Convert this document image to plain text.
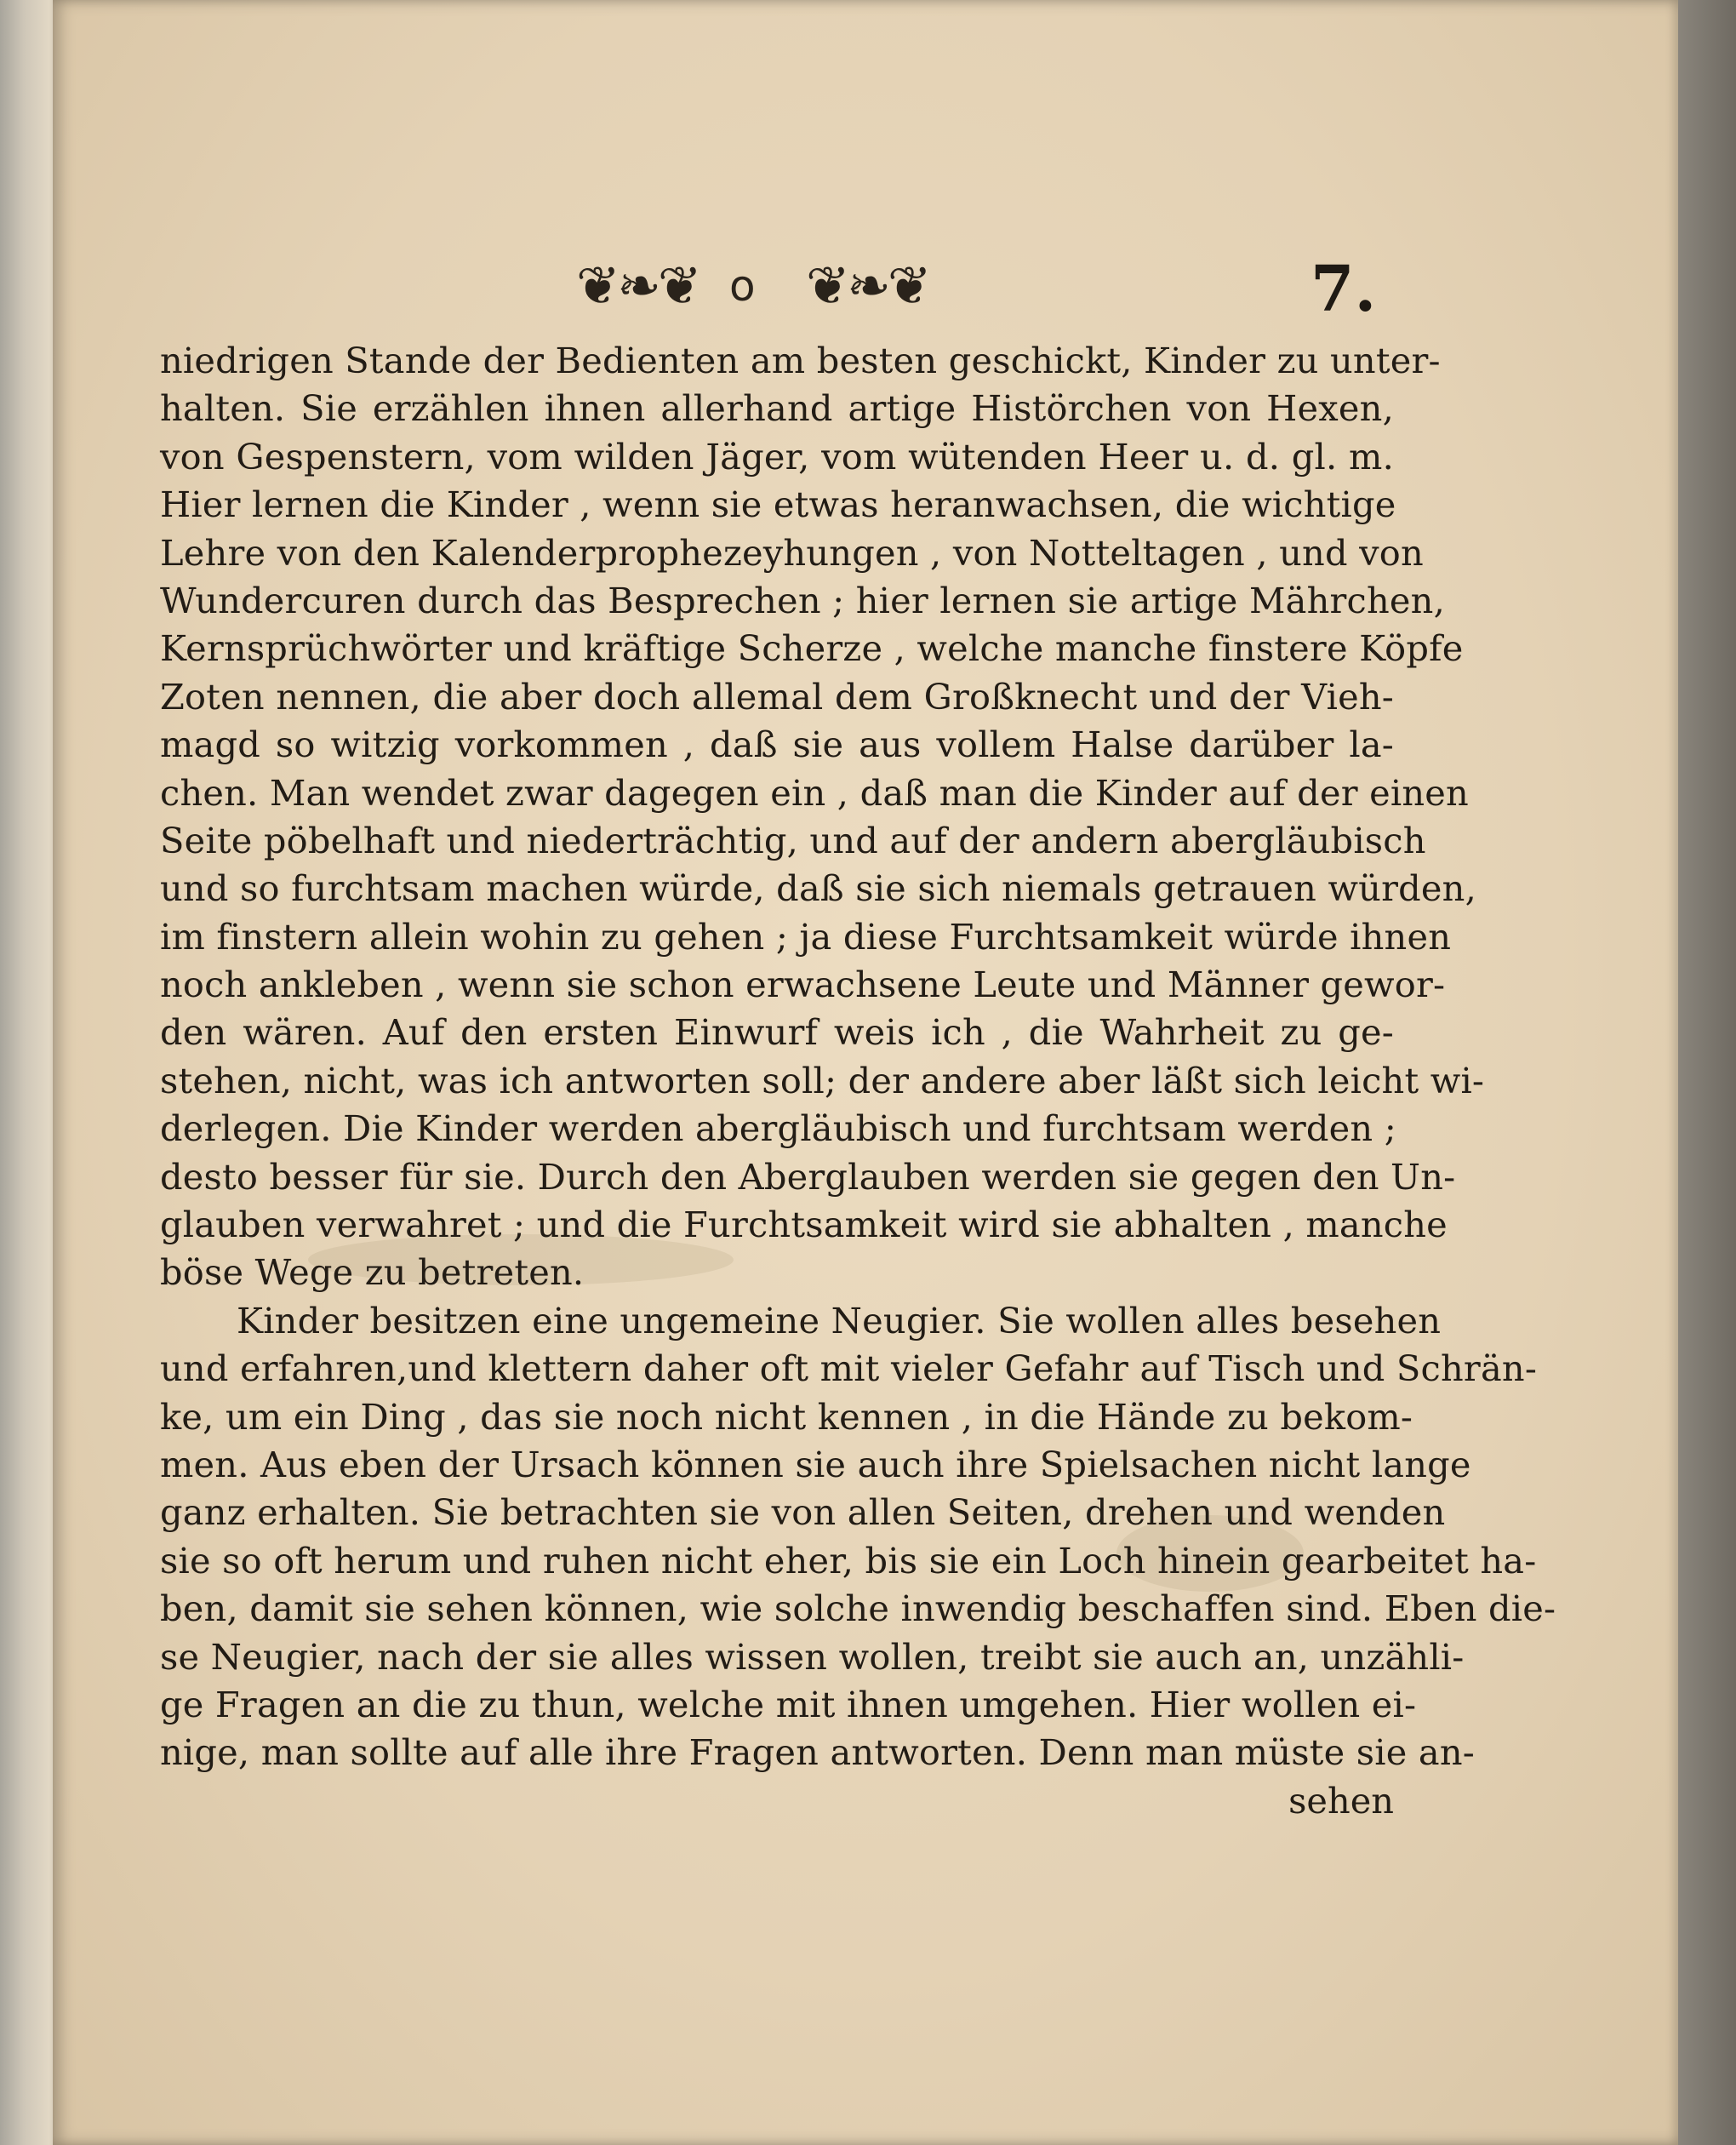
❦❧❦ o ❦❧❦	7.
niedrigen Stande der Bedienten am besten geschickt, Kinder zu unter-
halten. Sie erzählen ihnen allerhand artige Histörchen von Hexen,
von Gespenstern, vom wilden Jäger, vom wütenden Heer u. d. gl. m.
Hier lernen die Kinder , wenn sie etwas heranwachsen, die wichtige
Lehre von den Kalenderprophezeyhungen , von Notteltagen , und von
Wundercuren durch das Besprechen ; hier lernen sie artige Mährchen,
Kernsprüchwörter und kräftige Scherze , welche manche finstere Köpfe
Zoten nennen, die aber doch allemal dem Großknecht und der Vieh-
magd so witzig vorkommen , daß sie aus vollem Halse darüber la-
chen. Man wendet zwar dagegen ein , daß man die Kinder auf der einen
Seite pöbelhaft und niederträchtig, und auf der andern abergläubisch
und so furchtsam machen würde, daß sie sich niemals getrauen würden,
im finstern allein wohin zu gehen ; ja diese Furchtsamkeit würde ihnen
noch ankleben , wenn sie schon erwachsene Leute und Männer gewor-
den wären. Auf den ersten Einwurf weis ich , die Wahrheit zu ge-
stehen, nicht, was ich antworten soll; der andere aber läßt sich leicht wi-
derlegen. Die Kinder werden abergläubisch und furchtsam werden ;
desto besser für sie. Durch den Aberglauben werden sie gegen den Un-
glauben verwahret ; und die Furchtsamkeit wird sie abhalten , manche
böse Wege zu betreten.
Kinder besitzen eine ungemeine Neugier. Sie wollen alles besehen
und erfahren,und klettern daher oft mit vieler Gefahr auf Tisch und Schrän-
ke, um ein Ding , das sie noch nicht kennen , in die Hände zu bekom-
men. Aus eben der Ursach können sie auch ihre Spielsachen nicht lange
ganz erhalten. Sie betrachten sie von allen Seiten, drehen und wenden
sie so oft herum und ruhen nicht eher, bis sie ein Loch hinein gearbeitet ha-
ben, damit sie sehen können, wie solche inwendig beschaffen sind. Eben die-
se Neugier, nach der sie alles wissen wollen, treibt sie auch an, unzähli-
ge Fragen an die zu thun, welche mit ihnen umgehen. Hier wollen ei-
nige, man sollte auf alle ihre Fragen antworten. Denn man müste sie an-
sehen
